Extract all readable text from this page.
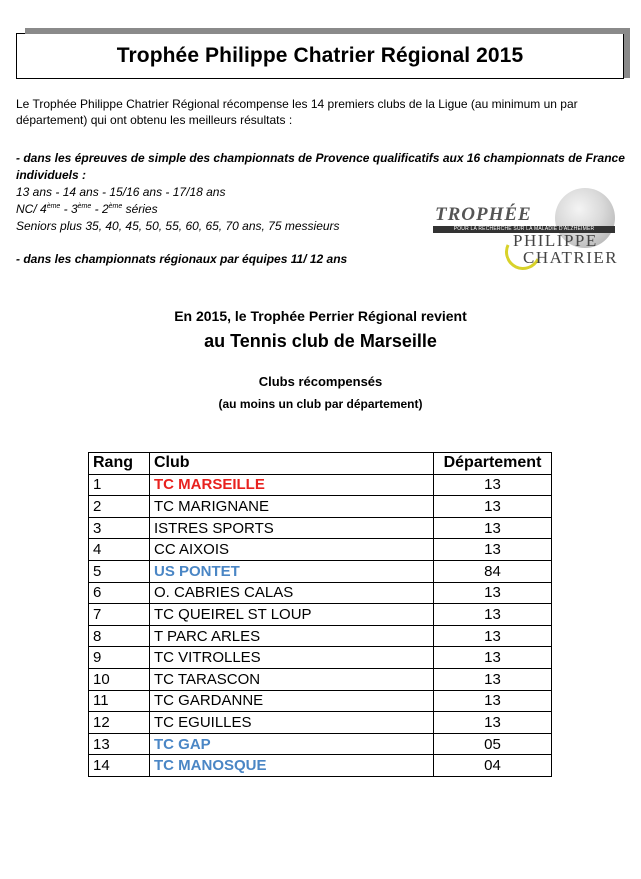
Trophée Philippe Chatrier Régional 2015
Le Trophée Philippe Chatrier Régional récompense les 14 premiers clubs de la Ligue (au minimum un par département) qui ont obtenu les meilleurs résultats :
- dans les épreuves de simple des championnats de Provence qualificatifs aux 16 championnats de France individuels :
13 ans - 14 ans - 15/16 ans - 17/18 ans
NC/ 4ème - 3ème - 2ème séries
Seniors plus 35, 40, 45, 50, 55, 60, 65, 70 ans, 75 messieurs
- dans les championnats régionaux par équipes 11/ 12 ans
TROPHÉE
POUR LA RECHERCHE SUR LA MALADIE D'ALZHEIMER
PHILIPPE
CHATRIER
En 2015, le Trophée Perrier Régional revient
au Tennis club de Marseille
Clubs récompensés
(au moins un club par département)
Rang	Club	Département
1	TC MARSEILLE	13
2	TC MARIGNANE	13
3	ISTRES SPORTS	13
4	CC AIXOIS	13
5	US PONTET	84
6	O. CABRIES CALAS	13
7	TC QUEIREL ST LOUP	13
8	T PARC ARLES	13
9	TC VITROLLES	13
10	TC TARASCON	13
11	TC GARDANNE	13
12	TC EGUILLES	13
13	TC GAP	05
14	TC MANOSQUE	04
